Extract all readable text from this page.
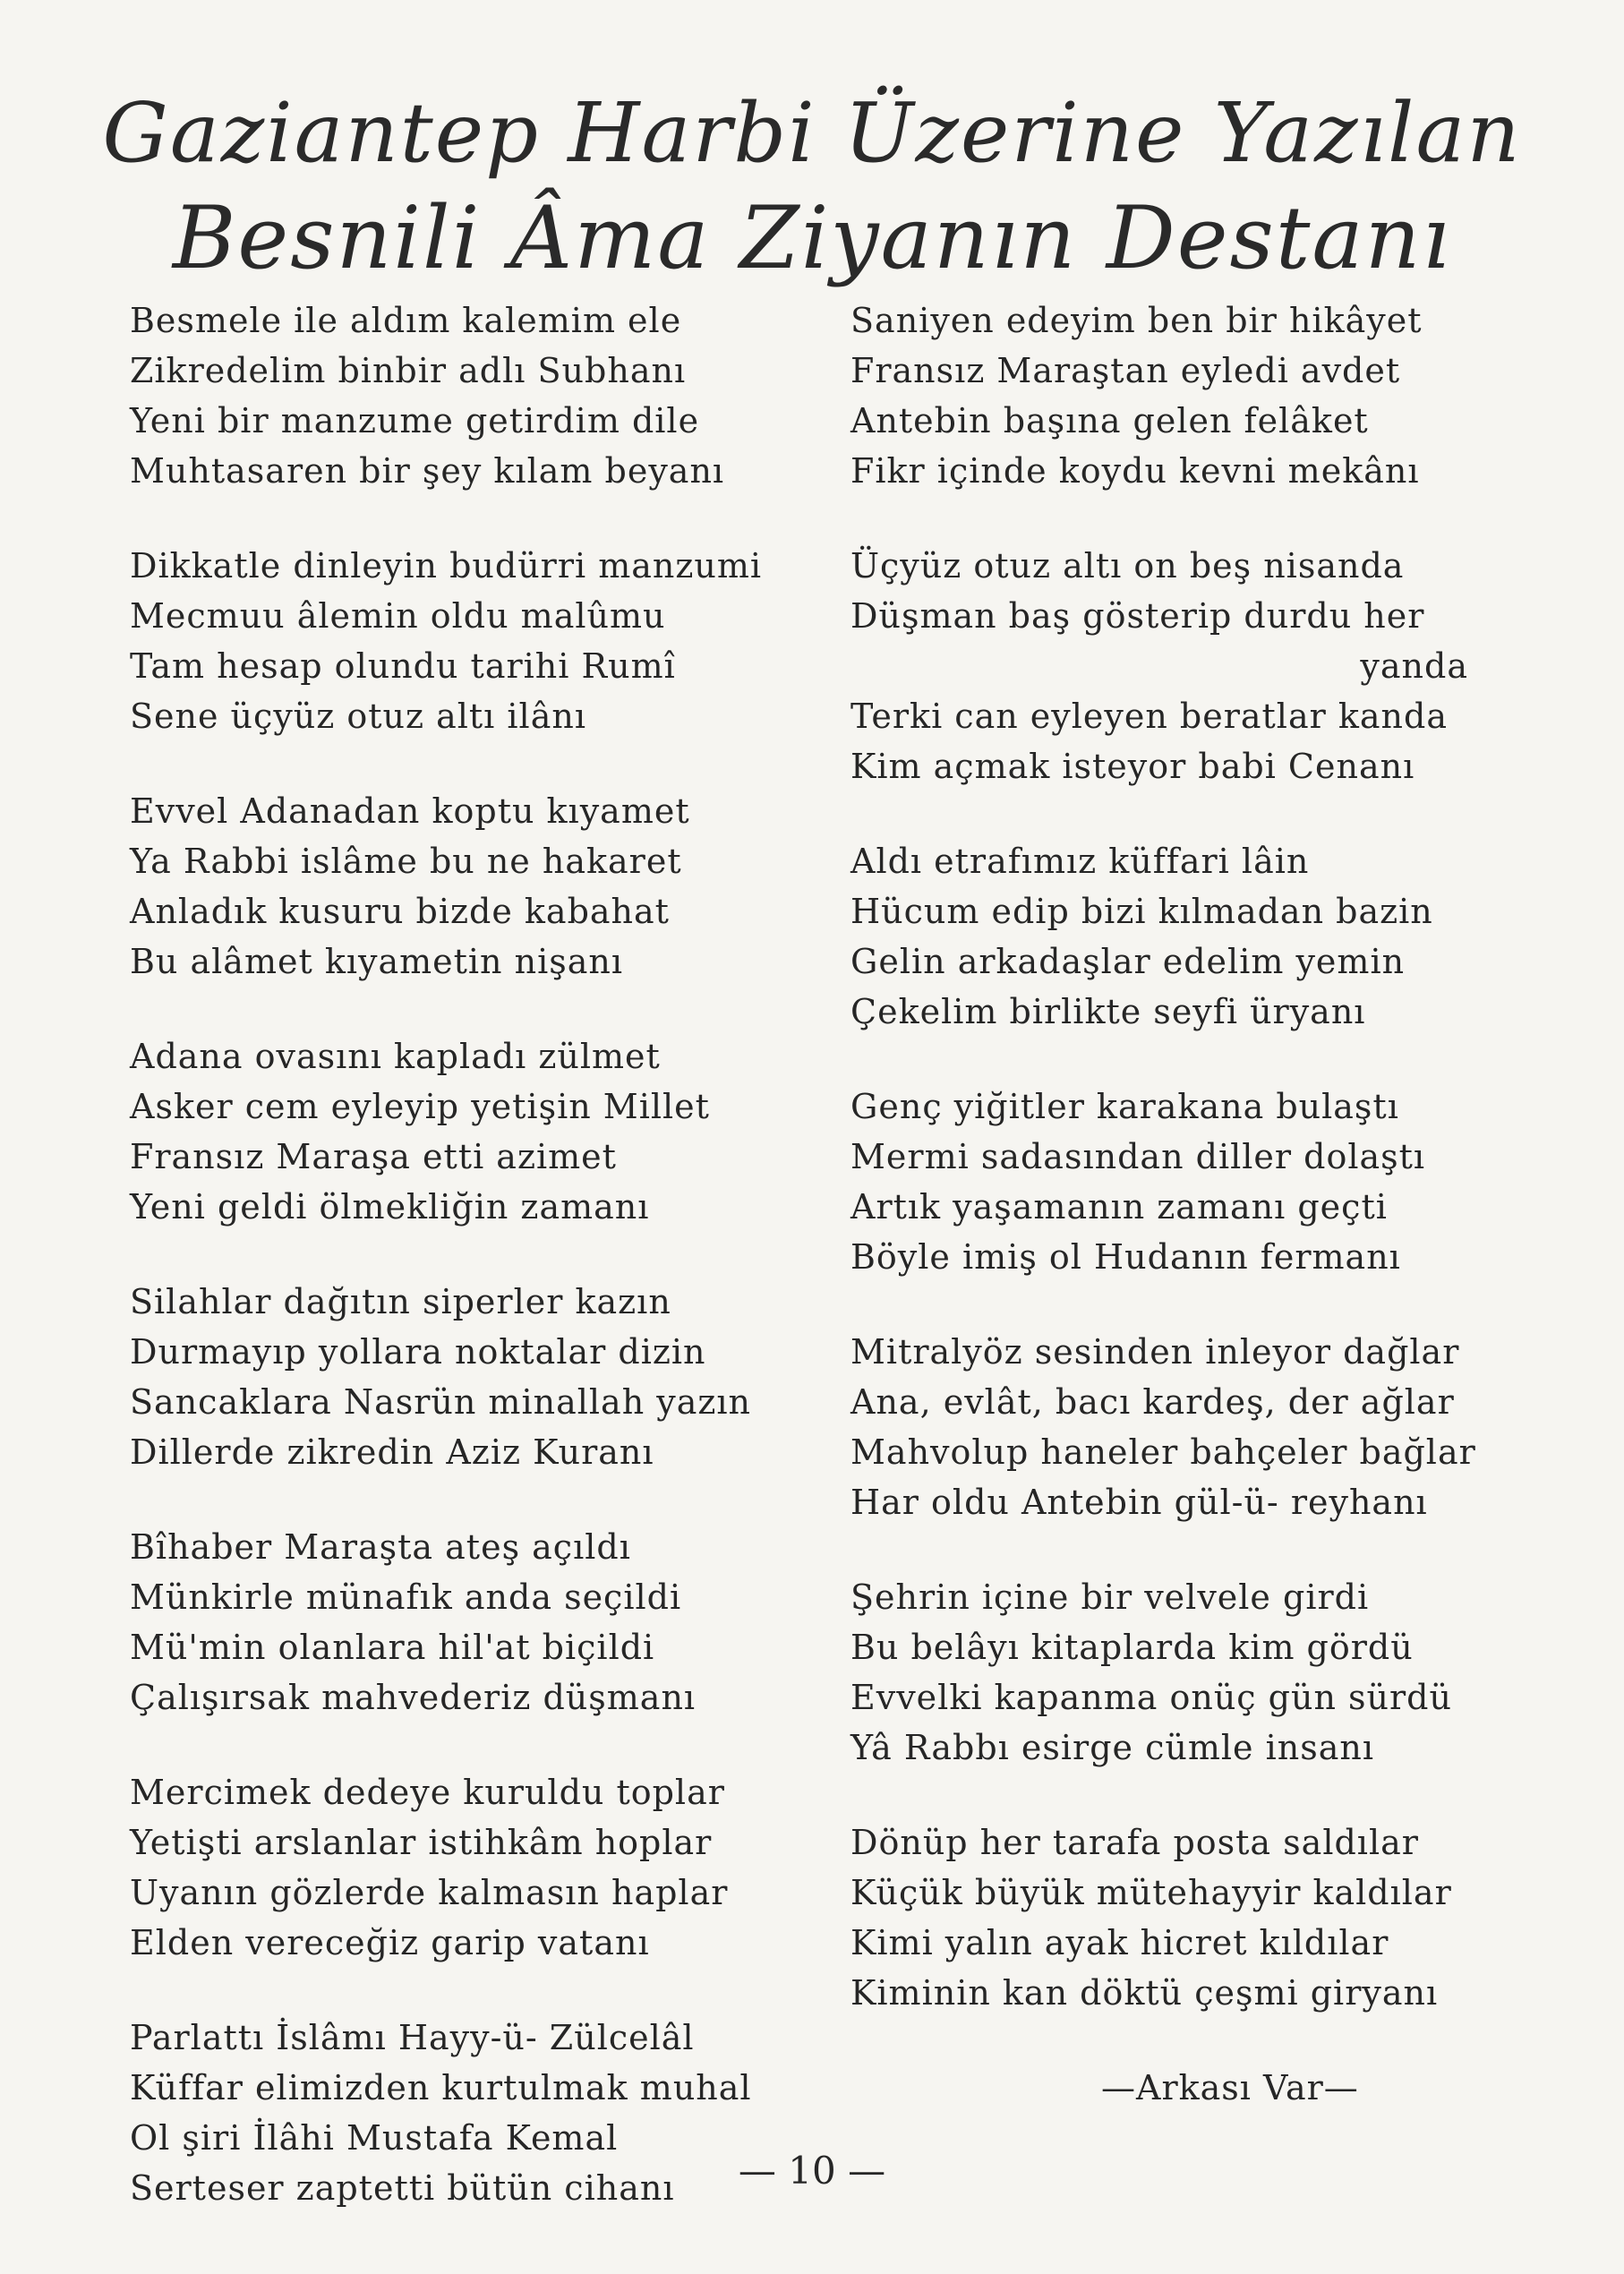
Gaziantep Harbi Üzerine Yazılan
Besnili Âma Ziyanın Destanı
Besmele ile aldım kalemim ele
Zikredelim binbir adlı Subhanı
Yeni bir manzume getirdim dile
Muhtasaren bir şey kılam beyanı
Dikkatle dinleyin budürri manzumi
Mecmuu âlemin oldu malûmu
Tam hesap olundu tarihi Rumî
Sene üçyüz otuz altı ilânı
Evvel Adanadan koptu kıyamet
Ya Rabbi islâme bu ne hakaret
Anladık kusuru bizde kabahat
Bu alâmet kıyametin nişanı
Adana ovasını kapladı zülmet
Asker cem eyleyip yetişin Millet
Fransız Maraşa etti azimet
Yeni geldi ölmekliğin zamanı
Silahlar dağıtın siperler kazın
Durmayıp yollara noktalar dizin
Sancaklara Nasrün minallah yazın
Dillerde zikredin Aziz Kuranı
Bîhaber Maraşta ateş açıldı
Münkirle münafık anda seçildi
Mü'min olanlara hil'at biçildi
Çalışırsak mahvederiz düşmanı
Mercimek dedeye kuruldu toplar
Yetişti arslanlar istihkâm hoplar
Uyanın gözlerde kalmasın haplar
Elden vereceğiz garip vatanı
Parlattı İslâmı Hayy-ü- Zülcelâl
Küffar elimizden kurtulmak muhal
Ol şiri İlâhi Mustafa Kemal
Serteser zaptetti bütün cihanı
Saniyen edeyim ben bir hikâyet
Fransız Maraştan eyledi avdet
Antebin başına gelen felâket
Fikr içinde koydu kevni mekânı
Üçyüz otuz altı on beş nisanda
Düşman baş gösterip durdu her
yanda
Terki can eyleyen beratlar kanda
Kim açmak isteyor babi Cenanı
Aldı etrafımız küffari lâin
Hücum edip bizi kılmadan bazin
Gelin arkadaşlar edelim yemin
Çekelim birlikte seyfi üryanı
Genç yiğitler karakana bulaştı
Mermi sadasından diller dolaştı
Artık yaşamanın zamanı geçti
Böyle imiş ol Hudanın fermanı
Mitralyöz sesinden inleyor dağlar
Ana, evlât, bacı kardeş, der ağlar
Mahvolup haneler bahçeler bağlar
Har oldu Antebin gül-ü- reyhanı
Şehrin içine bir velvele girdi
Bu belâyı kitaplarda kim gördü
Evvelki kapanma onüç gün sürdü
Yâ Rabbı esirge cümle insanı
Dönüp her tarafa posta saldılar
Küçük büyük mütehayyir kaldılar
Kimi yalın ayak hicret kıldılar
Kiminin kan döktü çeşmi giryanı
—Arkası Var—
— 10 —
